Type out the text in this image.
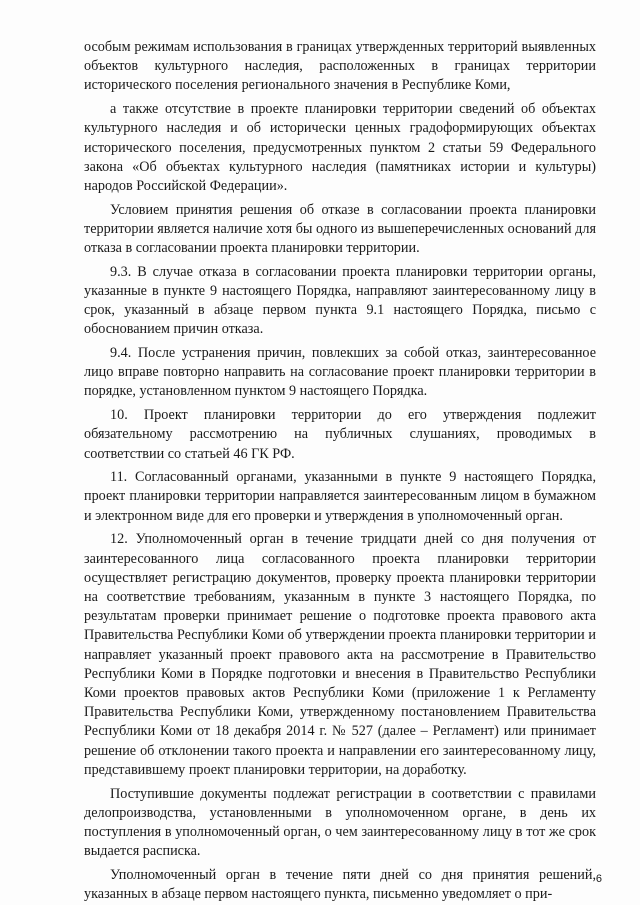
особым режимам использования в границах утвержденных территорий выявленных объектов культурного наследия, расположенных в границах территории исторического поселения регионального значения в Республике Коми,

а также отсутствие в проекте планировки территории сведений об объектах культурного наследия и об исторически ценных градоформирующих объектах исторического поселения, предусмотренных пунктом 2 статьи 59 Федерального закона «Об объектах культурного наследия (памятниках истории и культуры) народов Российской Федерации».

Условием принятия решения об отказе в согласовании проекта планировки территории является наличие хотя бы одного из вышеперечисленных оснований для отказа в согласовании проекта планировки территории.

9.3. В случае отказа в согласовании проекта планировки территории органы, указанные в пункте 9 настоящего Порядка, направляют заинтересованному лицу в срок, указанный в абзаце первом пункта 9.1 настоящего Порядка, письмо с обоснованием причин отказа.

9.4. После устранения причин, повлекших за собой отказ, заинтересованное лицо вправе повторно направить на согласование проект планировки территории в порядке, установленном пунктом 9 настоящего Порядка.

10. Проект планировки территории до его утверждения подлежит обязательному рассмотрению на публичных слушаниях, проводимых в соответствии со статьей 46 ГК РФ.

11. Согласованный органами, указанными в пункте 9 настоящего Порядка, проект планировки территории направляется заинтересованным лицом в бумажном и электронном виде для его проверки и утверждения в уполномоченный орган.

12. Уполномоченный орган в течение тридцати дней со дня получения от заинтересованного лица согласованного проекта планировки территории осуществляет регистрацию документов, проверку проекта планировки территории на соответствие требованиям, указанным в пункте 3 настоящего Порядка, по результатам проверки принимает решение о подготовке проекта правового акта Правительства Республики Коми об утверждении проекта планировки территории и направляет указанный проект правового акта на рассмотрение в Правительство Республики Коми в Порядке подготовки и внесения в Правительство Республики Коми проектов правовых актов Республики Коми (приложение 1 к Регламенту Правительства Республики Коми, утвержденному постановлением Правительства Республики Коми от 18 декабря 2014 г. № 527 (далее – Регламент) или принимает решение об отклонении такого проекта и направлении его заинтересованному лицу, представившему проект планировки территории, на доработку.

Поступившие документы подлежат регистрации в соответствии с правилами делопроизводства, установленными в уполномоченном органе, в день их поступления в уполномоченный орган, о чем заинтересованному лицу в тот же срок выдается расписка.

Уполномоченный орган в течение пяти дней со дня принятия решений, указанных в абзаце первом настоящего пункта, письменно уведомляет о при-

6
